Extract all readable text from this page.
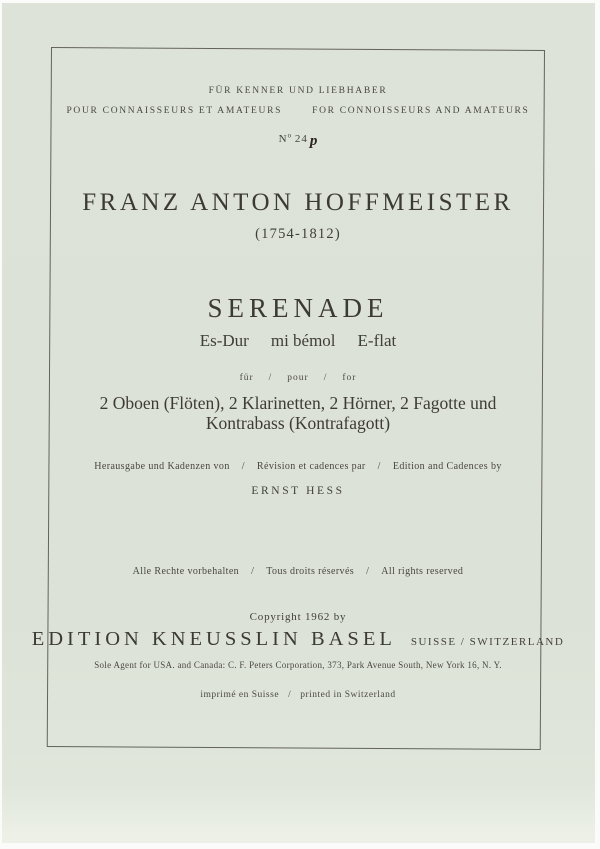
FÜR KENNER UND LIEBHABER
POUR CONNAISSEURS ET AMATEURS	FOR CONNOISSEURS AND AMATEURS
$N^o$ 24 p
FRANZ ANTON HOFFMEISTER
(1754-1812)
SERENADE
Es-Dur mi bémol E-flat
für / pour / for
2 Oboen (Flöten), 2 Klarinetten, 2 Hörner, 2 Fagotte und
Kontrabass (Kontrafagott)
Herausgabe und Kadenzen von / Révision et cadences par / Edition and Cadences by
ERNST HESS
Alle Rechte vorbehalten / Tous droits réservés / All rights reserved
Copyright 1962 by
EDITION KNEUSSLIN BASEL SUISSE / SWITZERLAND
Sole Agent for USA. and Canada: C. F. Peters Corporation, 373, Park Avenue South, New York 16, N. Y.
imprimé en Suisse / printed in Switzerland
